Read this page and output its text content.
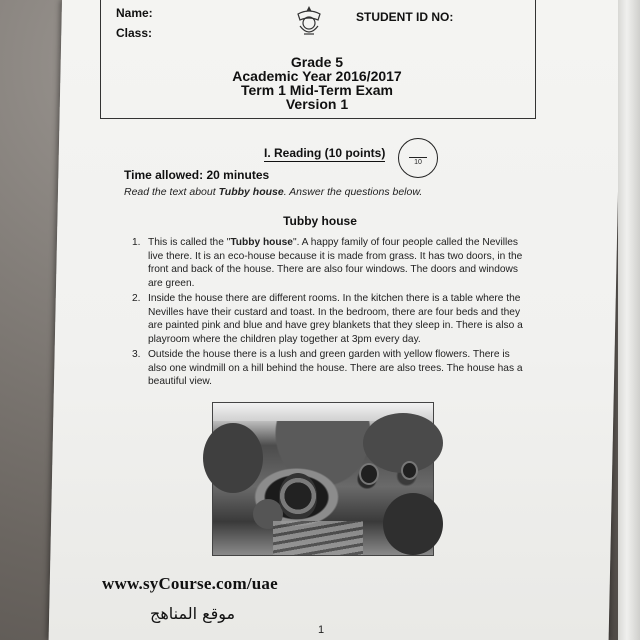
Name:
Class:
STUDENT ID NO:
Grade 5
Academic Year 2016/2017
Term 1 Mid-Term Exam
Version 1
I. Reading (10 points)
10
Time allowed: 20 minutes
Read the text about Tubby house. Answer the questions below.
Tubby house
1. This is called the "Tubby house". A happy family of four people called the Nevilles live there. It is an eco-house because it is made from grass. It has two doors, in the front and back of the house. There are also four windows. The doors and windows are green.
2. Inside the house there are different rooms. In the kitchen there is a table where the Nevilles have their custard and toast. In the bedroom, there are four beds and they are painted pink and blue and have grey blankets that they sleep in. There is also a playroom where the children play together at 3pm every day.
3. Outside the house there is a lush and green garden with yellow flowers. There is also one windmill on a hill behind the house. There are also trees. The house has a beautiful view.
www.syCourse.com/uae
موقع المناهج
1
